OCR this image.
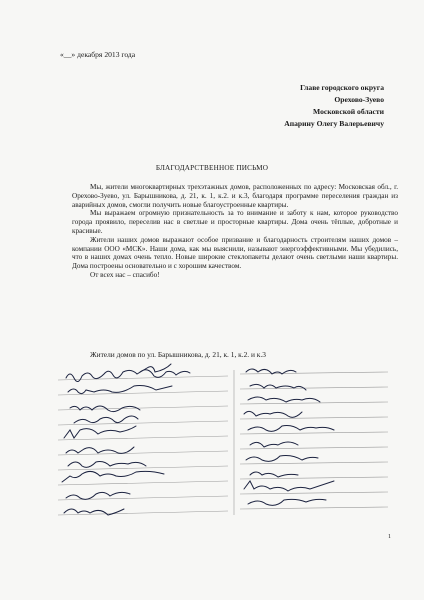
«__» декабря 2013 года
Главе городского округа
Орехово-Зуево
Московской области
Апарину Олегу Валерьевичу
БЛАГОДАРСТВЕННОЕ ПИСЬМО

Мы, жители многоквартирных трехэтажных домов, расположенных по адресу: Московская обл., г. Орехово-Зуево, ул. Барышникова, д. 21, к. 1, к.2. и к.3, благодаря программе переселения граждан из аварийных домов, смогли получить новые благоустроенные квартиры.

Мы выражаем огромную признательность за то внимание и заботу к нам, которое руководство города проявило, переселив нас в светлые и просторные квартиры. Дома очень тёплые, добротные и красивые.

Жители наших домов выражают особое призвание и благодарность строителям наших домов – компании ООО «МСК». Наши дома, как мы выяснили, называют энергоэффективными. Мы убедились, что в наших домах очень тепло. Новые широкие стеклопакеты делают очень светлыми наши квартиры. Дома построены основательно и с хорошим качеством.

От всех нас – спасибо!

Жители домов по ул. Барышникова, д. 21, к. 1, к.2. и к.3
1
